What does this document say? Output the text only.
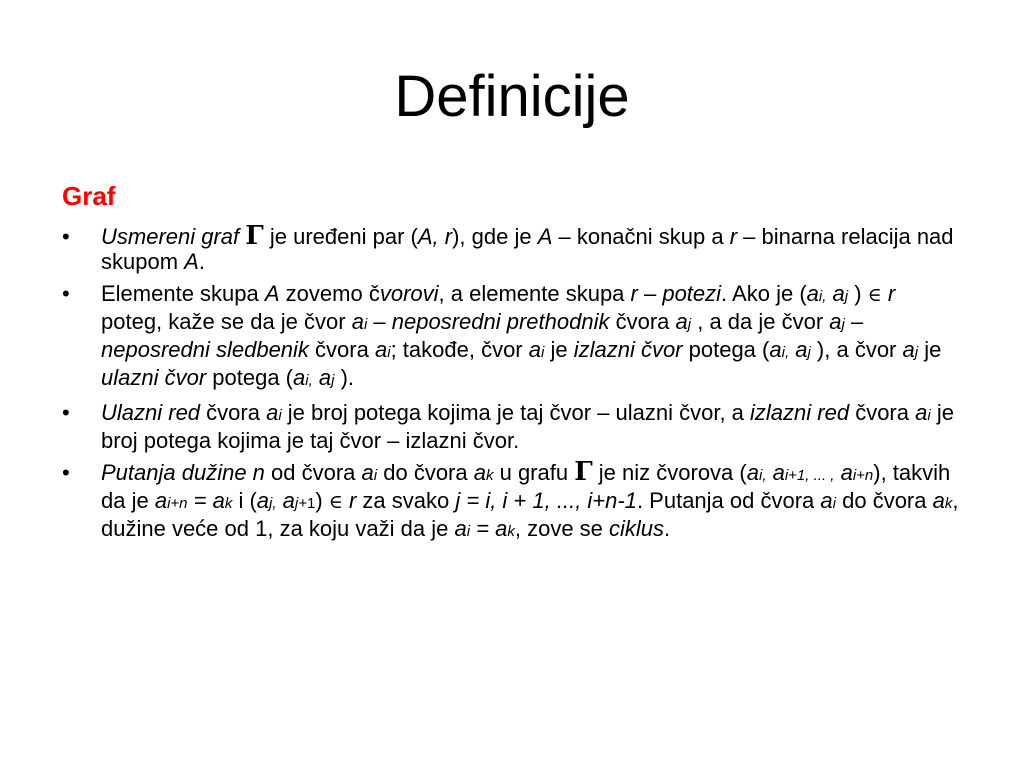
Definicije
Graf
• Usmereni graf Γ je uređeni par (A, r), gde je A – konačni skup a r – binarna relacija nad skupom A.
• Elemente skupa A zovemo čvorovi, a elemente skupa r – potezi. Ako je (ai, aj ) ∈ r poteg, kaže se da je čvor ai – neposredni prethodnik čvora aj , a da je čvor aj – neposredni sledbenik čvora ai; takođe, čvor ai je izlazni čvor potega (ai, aj ), a čvor aj je ulazni čvor potega (ai, aj ).
• Ulazni red čvora ai je broj potega kojima je taj čvor – ulazni čvor, a izlazni red čvora ai je broj potega kojima je taj čvor – izlazni čvor.
• Putanja dužine n od čvora ai do čvora ak u grafu Γ je niz čvorova (ai, ai+1, ... , ai+n), takvih da je ai+n = ak i (aj, aj+1) ∈ r za svako j = i, i + 1, ..., i+n-1. Putanja od čvora ai do čvora ak, dužine veće od 1, za koju važi da je ai = ak, zove se ciklus.
